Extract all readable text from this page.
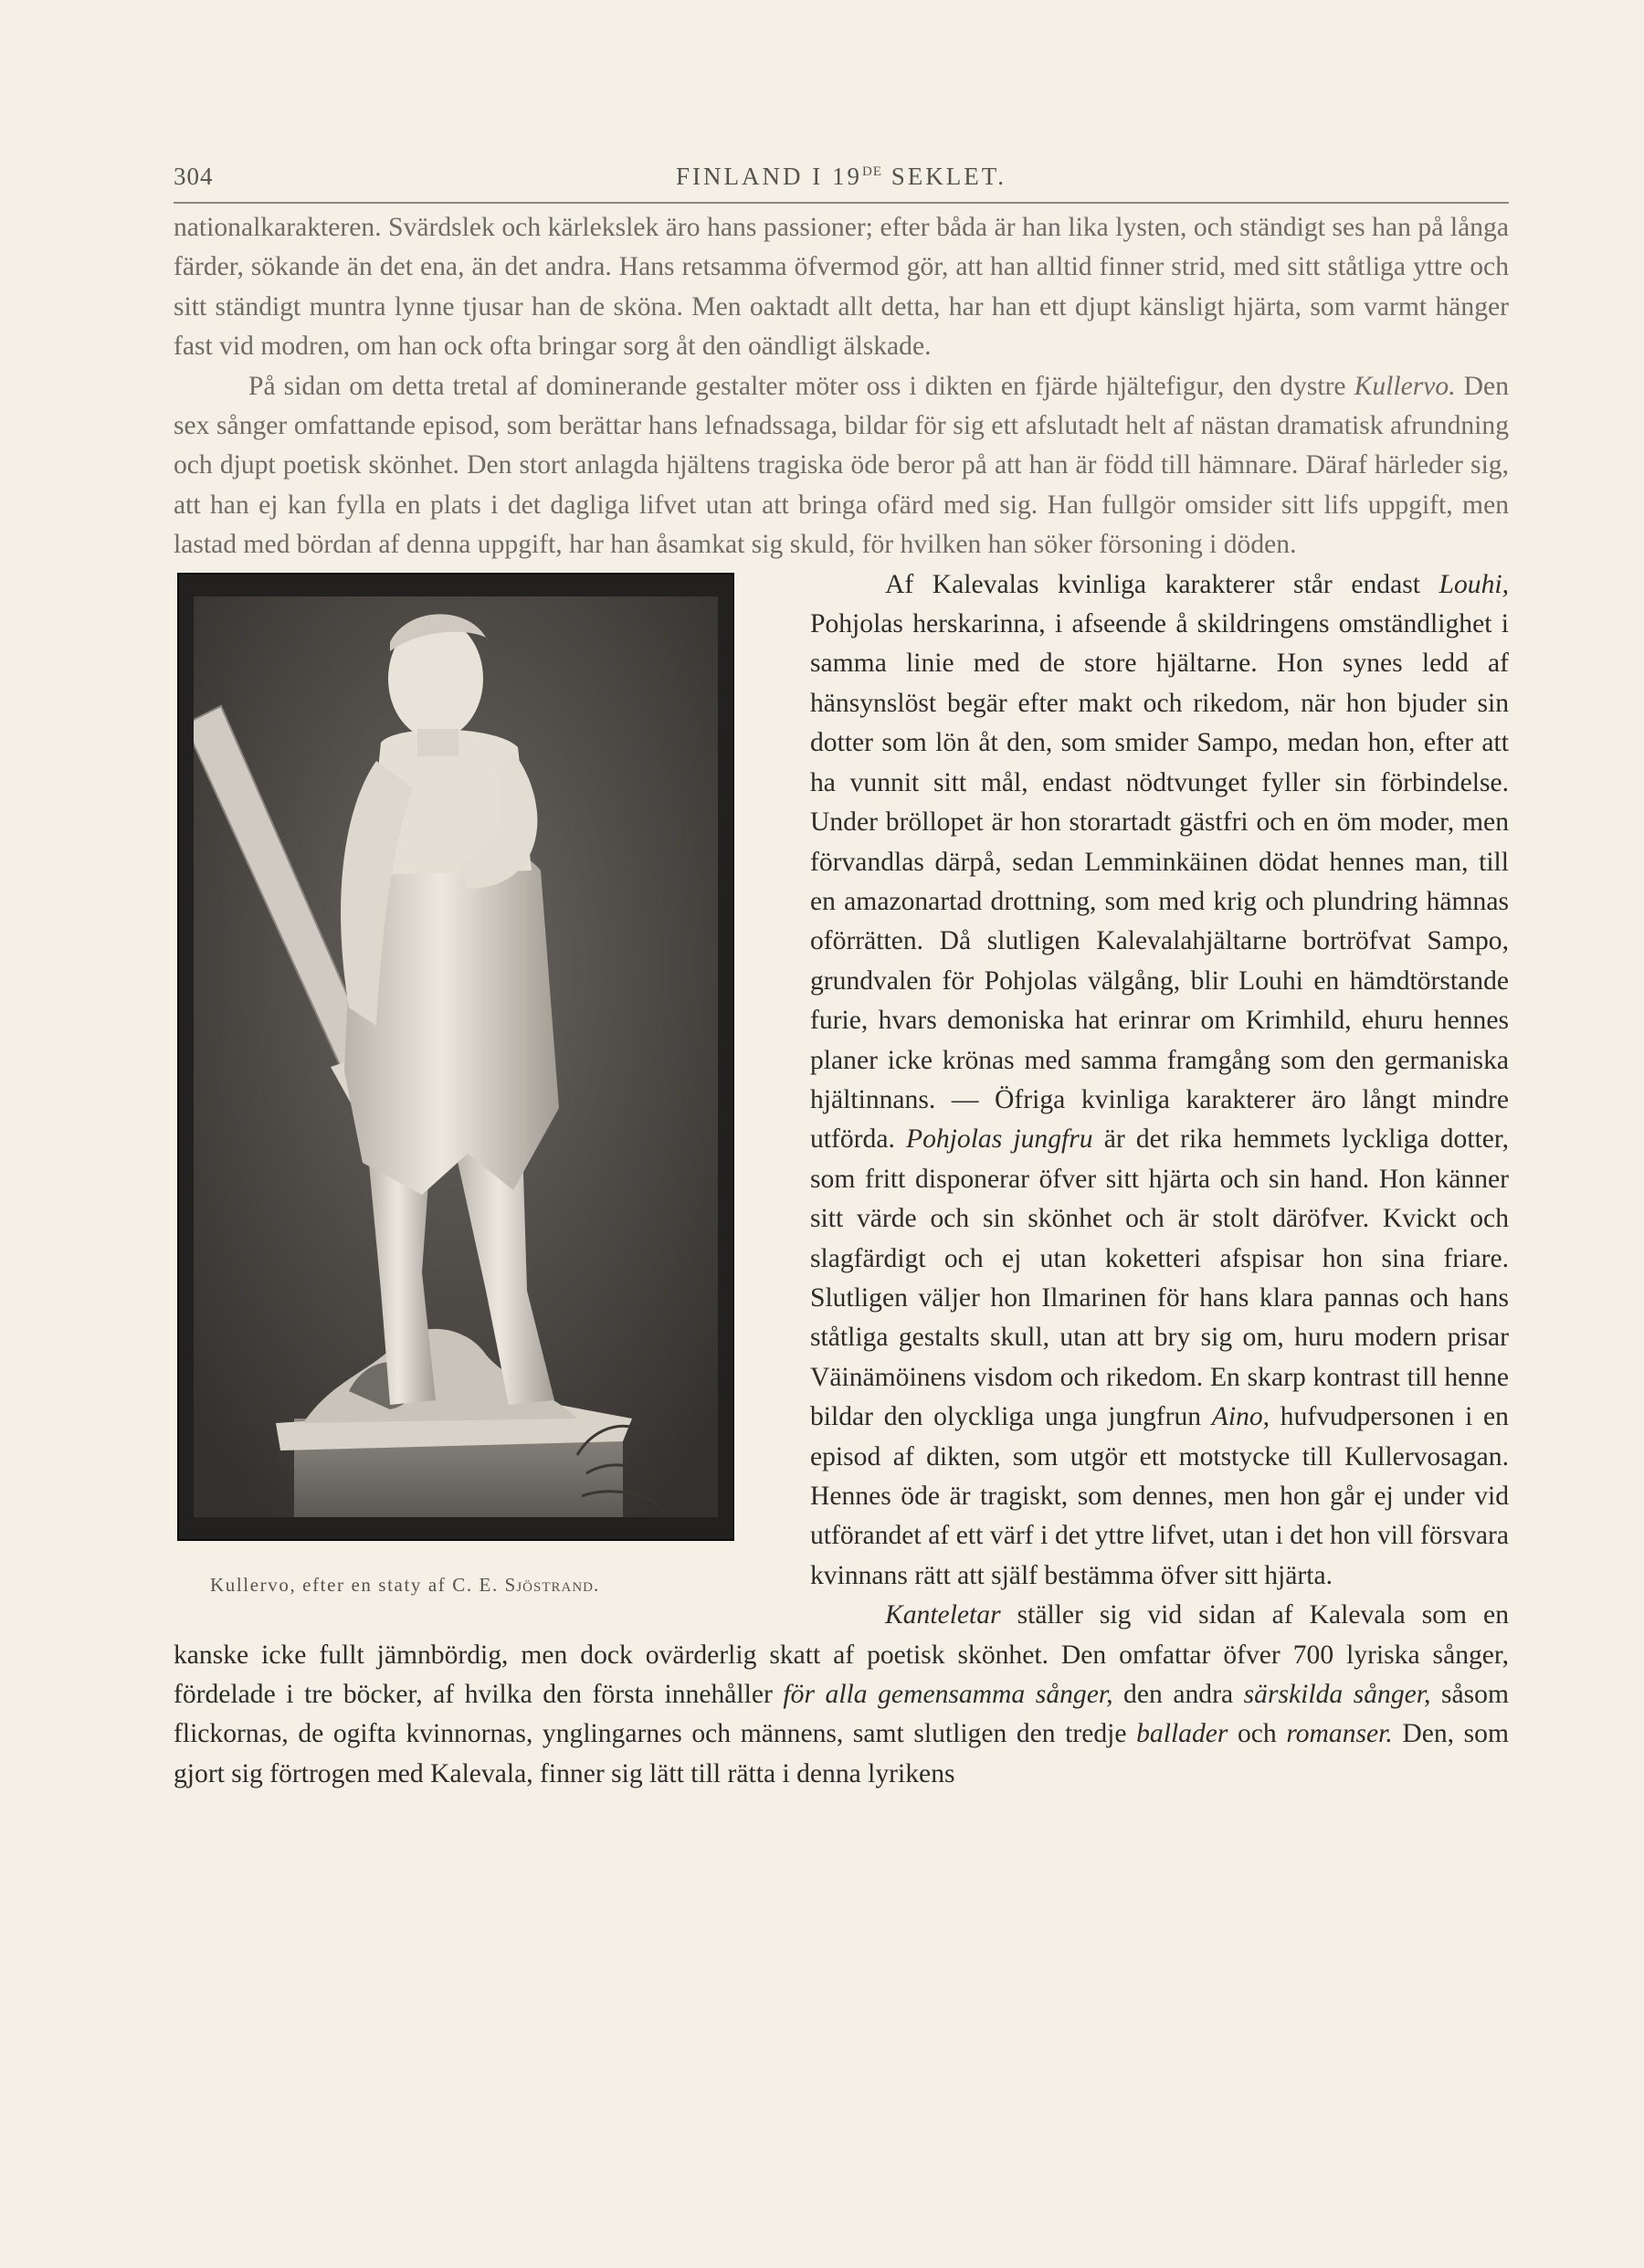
304	FINLAND I 19DE SEKLET.

nationalkarakteren. Svärdslek och kärlekslek äro hans passioner; efter båda är han lika lysten, och ständigt ses han på långa färder, sökande än det ena, än det andra. Hans retsamma öfvermod gör, att han alltid finner strid, med sitt ståtliga yttre och sitt ständigt muntra lynne tjusar han de sköna. Men oaktadt allt detta, har han ett djupt känsligt hjärta, som varmt hänger fast vid modren, om han ock ofta bringar sorg åt den oändligt älskade.

På sidan om detta tretal af dominerande gestalter möter oss i dikten en fjärde hjältefigur, den dystre Kullervo. Den sex sånger omfattande episod, som berättar hans lefnadssaga, bildar för sig ett afslutadt helt af nästan dramatisk afrundning och djupt poetisk skönhet. Den stort anlagda hjältens tragiska öde beror på att han är född till hämnare. Däraf härleder sig, att han ej kan fylla en plats i det dagliga lifvet utan att bringa ofärd med sig. Han fullgör omsider sitt lifs uppgift, men lastad med bördan af denna uppgift, har han åsamkat sig skuld, för hvilken han söker försoning i döden.

Kullervo, efter en staty af C. E. Sjöstrand.

Af Kalevalas kvinliga karakterer står endast Louhi, Pohjolas herskarinna, i afseende å skildringens omständlighet i samma linie med de store hjältarne. Hon synes ledd af hänsynslöst begär efter makt och rikedom, när hon bjuder sin dotter som lön åt den, som smider Sampo, medan hon, efter att ha vunnit sitt mål, endast nödtvunget fyller sin förbindelse. Under bröllopet är hon storartadt gästfri och en öm moder, men förvandlas därpå, sedan Lemminkäinen dödat hennes man, till en amazonartad drottning, som med krig och plundring hämnas oförrätten. Då slutligen Kalevalahjältarne bortröfvat Sampo, grundvalen för Pohjolas välgång, blir Louhi en hämdtörstande furie, hvars demoniska hat erinrar om Krimhild, ehuru hennes planer icke krönas med samma framgång som den germaniska hjältinnans. — Öfriga kvinliga karakterer äro långt mindre utförda. Pohjolas jungfru är det rika hemmets lyckliga dotter, som fritt disponerar öfver sitt hjärta och sin hand. Hon känner sitt värde och sin skönhet och är stolt däröfver. Kvickt och slagfärdigt och ej utan koketteri afspisar hon sina friare. Slutligen väljer hon Ilmarinen för hans klara pannas och hans ståtliga gestalts skull, utan att bry sig om, huru modern prisar Väinämöinens visdom och rikedom. En skarp kontrast till henne bildar den olyckliga unga jungfrun Aino, hufvudpersonen i en episod af dikten, som utgör ett motstycke till Kullervosagan. Hennes öde är tragiskt, som dennes, men hon går ej under vid utförandet af ett värf i det yttre lifvet, utan i det hon vill försvara kvinnans rätt att själf bestämma öfver sitt hjärta.

Kanteletar ställer sig vid sidan af Kalevala som en kanske icke fullt jämnbördig, men dock ovärderlig skatt af poetisk skönhet. Den omfattar öfver 700 lyriska sånger, fördelade i tre böcker, af hvilka den första innehåller för alla gemensamma sånger, den andra särskilda sånger, såsom flickornas, de ogifta kvinnornas, ynglingarnes och männens, samt slutligen den tredje ballader och romanser. Den, som gjort sig förtrogen med Kalevala, finner sig lätt till rätta i denna lyrikens
